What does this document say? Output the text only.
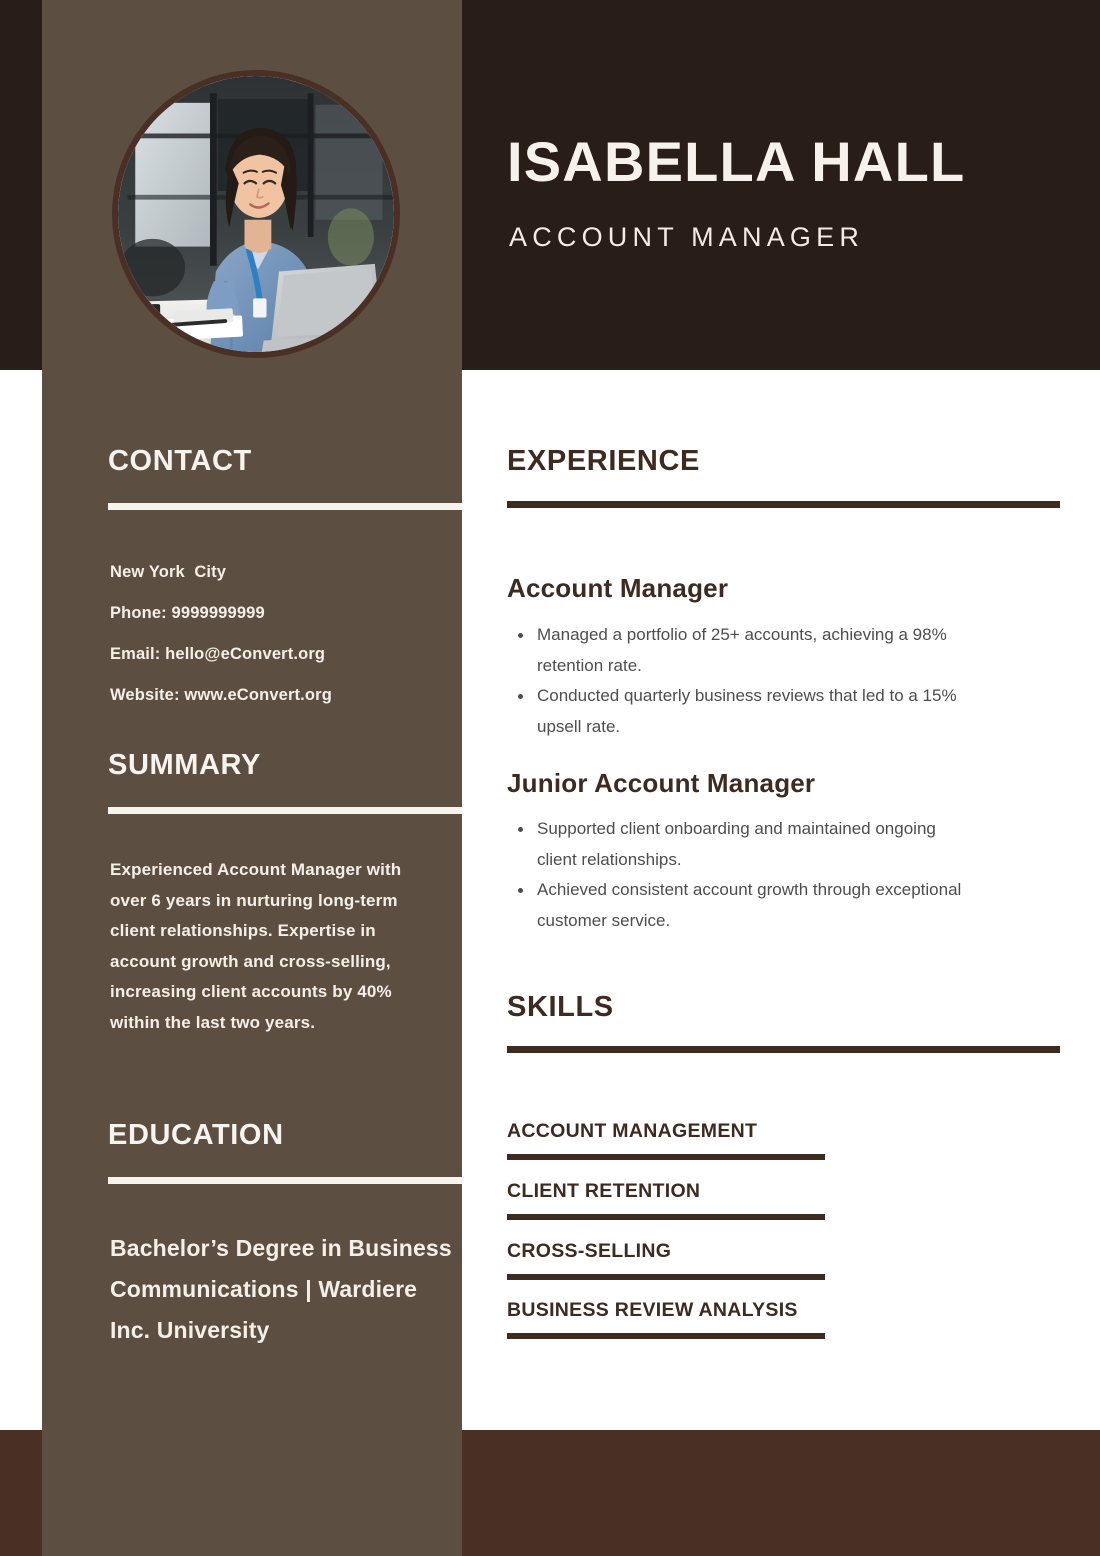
ISABELLA HALL
ACCOUNT MANAGER
CONTACT
New York  City
Phone: 9999999999
Email: hello@eConvert.org
Website: www.eConvert.org
SUMMARY
Experienced Account Manager with over 6 years in nurturing long-term client relationships. Expertise in account growth and cross-selling, increasing client accounts by 40% within the last two years.
EDUCATION
Bachelor’s Degree in Business Communications | Wardiere Inc. University
EXPERIENCE
Account Manager
Managed a portfolio of 25+ accounts, achieving a 98% retention rate.
Conducted quarterly business reviews that led to a 15% upsell rate.
Junior Account Manager
Supported client onboarding and maintained ongoing client relationships.
Achieved consistent account growth through exceptional customer service.
SKILLS
ACCOUNT MANAGEMENT
CLIENT RETENTION
CROSS-SELLING
BUSINESS REVIEW ANALYSIS
